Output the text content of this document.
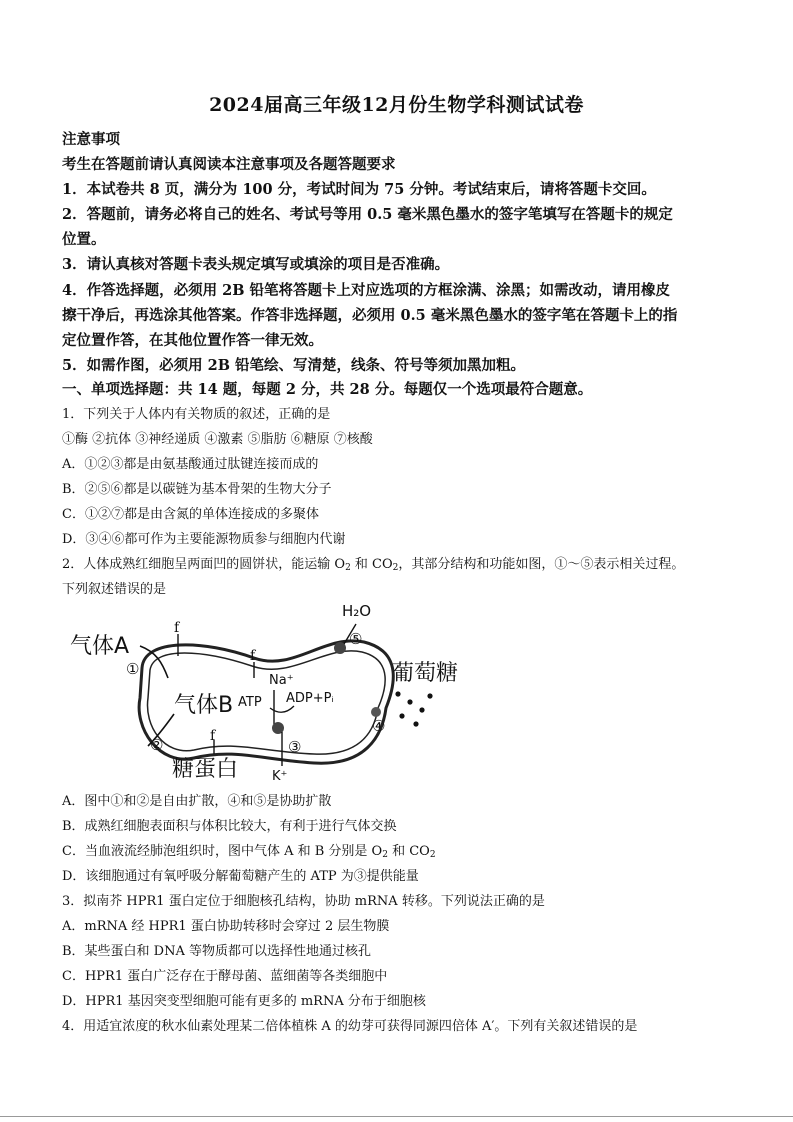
2024届高三年级12月份生物学科测试试卷
注意事项
考生在答题前请认真阅读本注意事项及各题答题要求
1．本试卷共 8 页，满分为 100 分，考试时间为 75 分钟。考试结束后，请将答题卡交回。
2．答题前，请务必将自己的姓名、考试号等用 0.5 毫米黑色墨水的签字笔填写在答题卡的规定
位置。
3．请认真核对答题卡表头规定填写或填涂的项目是否准确。
4．作答选择题，必须用 2B 铅笔将答题卡上对应选项的方框涂满、涂黑；如需改动，请用橡皮
擦干净后，再选涂其他答案。作答非选择题，必须用 0.5 毫米黑色墨水的签字笔在答题卡上的指
定位置作答，在其他位置作答一律无效。
5．如需作图，必须用 2B 铅笔绘、写清楚，线条、符号等须加黑加粗。
一、单项选择题：共 14 题，每题 2 分，共 28 分。每题仅一个选项最符合题意。
1．下列关于人体内有关物质的叙述，正确的是
①酶 ②抗体 ③神经递质 ④激素 ⑤脂肪 ⑥糖原 ⑦核酸
A．①②③都是由氨基酸通过肽键连接而成的
B．②⑤⑥都是以碳链为基本骨架的生物大分子
C．①②⑦都是由含氮的单体连接成的多聚体
D．③④⑥都可作为主要能源物质参与细胞内代谢
2．人体成熟红细胞呈两面凹的圆饼状，能运输 $O_2$ 和 $CO_2$，其部分结构和功能如图，①～⑤表示相关过程。
下列叙述错误的是
气体A
①
f
f
H₂O
⑤
葡萄糖
④
气体B ATP ADP+Pᵢ
Na⁺
③
K⁺
②
糖蛋白
f
A．图中①和②是自由扩散，④和⑤是协助扩散
B．成熟红细胞表面积与体积比较大，有利于进行气体交换
C．当血液流经肺泡组织时，图中气体 A 和 B 分别是 $O_2$ 和 $CO_2$
D．该细胞通过有氧呼吸分解葡萄糖产生的 ATP 为③提供能量
3．拟南芥 HPR1 蛋白定位于细胞核孔结构，协助 mRNA 转移。下列说法正确的是
A．mRNA 经 HPR1 蛋白协助转移时会穿过 2 层生物膜
B．某些蛋白和 DNA 等物质都可以选择性地通过核孔
C．HPR1 蛋白广泛存在于酵母菌、蓝细菌等各类细胞中
D．HPR1 基因突变型细胞可能有更多的 mRNA 分布于细胞核
4．用适宜浓度的秋水仙素处理某二倍体植株 A 的幼芽可获得同源四倍体 A′。下列有关叙述错误的是
